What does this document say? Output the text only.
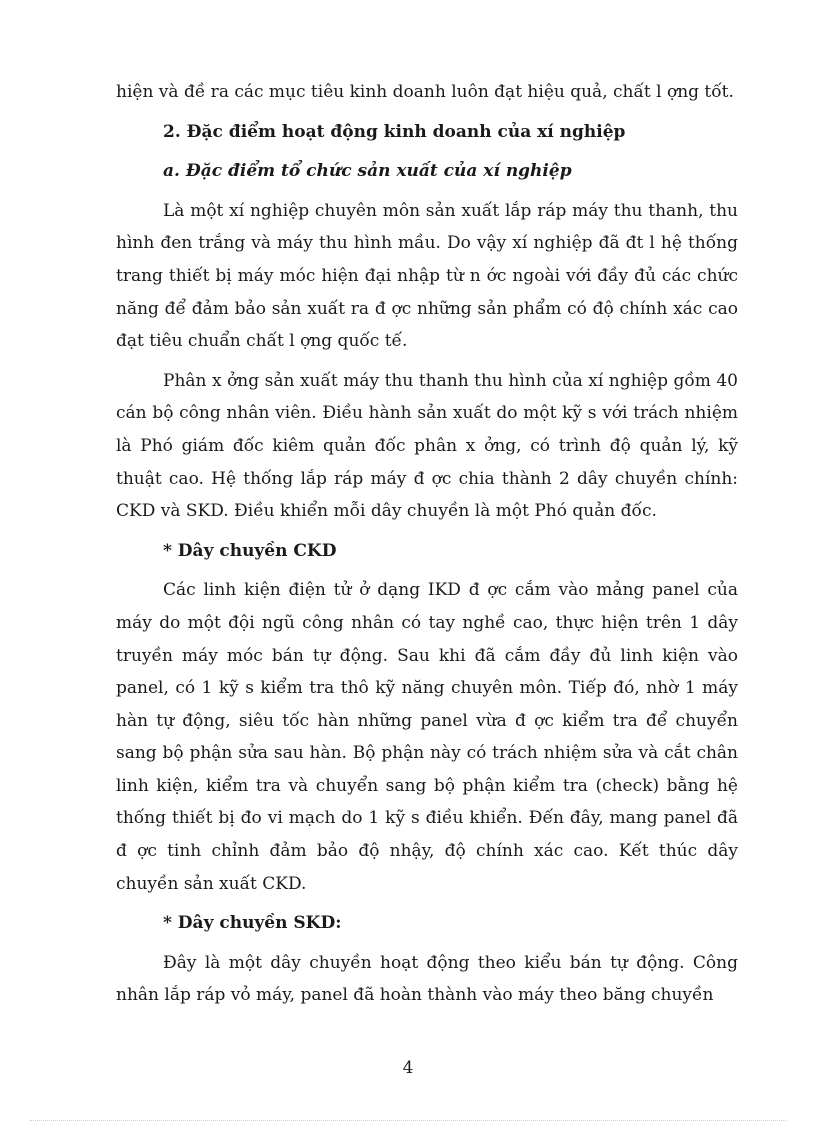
hiện và đề ra các mục tiêu kinh doanh luôn đạt hiệu quả, chất l ợng tốt.

2. Đặc điểm hoạt động kinh doanh của xí nghiệp
a. Đặc điểm tổ chức sản xuất của xí nghiệp

Là một xí nghiệp chuyên môn sản xuất lắp ráp máy thu thanh, thu hình đen trắng và máy thu hình mầu. Do vậy xí nghiệp đã đt l hệ thống trang thiết bị máy móc hiện đại nhập từ n ớc ngoài với đầy đủ các chức năng để đảm bảo sản xuất ra đ ợc những sản phẩm có độ chính xác cao đạt tiêu chuẩn chất l ợng quốc tế.

Phân x ởng sản xuất máy thu thanh thu hình của xí nghiệp gồm 40 cán bộ công nhân viên. Điều hành sản xuất do một kỹ s với trách nhiệm là Phó giám đốc kiêm quản đốc phân x ởng, có trình độ quản lý, kỹ thuật cao. Hệ thống lắp ráp máy đ ợc chia thành 2 dây chuyền chính: CKD và SKD. Điều khiển mỗi dây chuyền là một Phó quản đốc.

* Dây chuyền CKD

Các linh kiện điện tử ở dạng IKD đ ợc cắm vào mảng panel của máy do một đội ngũ công nhân có tay nghề cao, thực hiện trên 1 dây truyền máy móc bán tự động. Sau khi đã cắm đầy đủ linh kiện vào panel, có 1 kỹ s kiểm tra thô kỹ năng chuyên môn. Tiếp đó, nhờ 1 máy hàn tự động, siêu tốc hàn những panel vừa đ ợc kiểm tra để chuyển sang bộ phận sửa sau hàn. Bộ phận này có trách nhiệm sửa và cắt chân linh kiện, kiểm tra và chuyển sang bộ phận kiểm tra (check) bằng hệ thống thiết bị đo vi mạch do 1 kỹ s điều khiển. Đến đây, mang panel đã đ ợc tinh chỉnh đảm bảo độ nhậy, độ chính xác cao. Kết thúc dây chuyền sản xuất CKD.

* Dây chuyền SKD:

Đây là một dây chuyền hoạt động theo kiểu bán tự động. Công nhân lắp ráp vỏ máy, panel đã hoàn thành vào máy theo băng chuyền

4
